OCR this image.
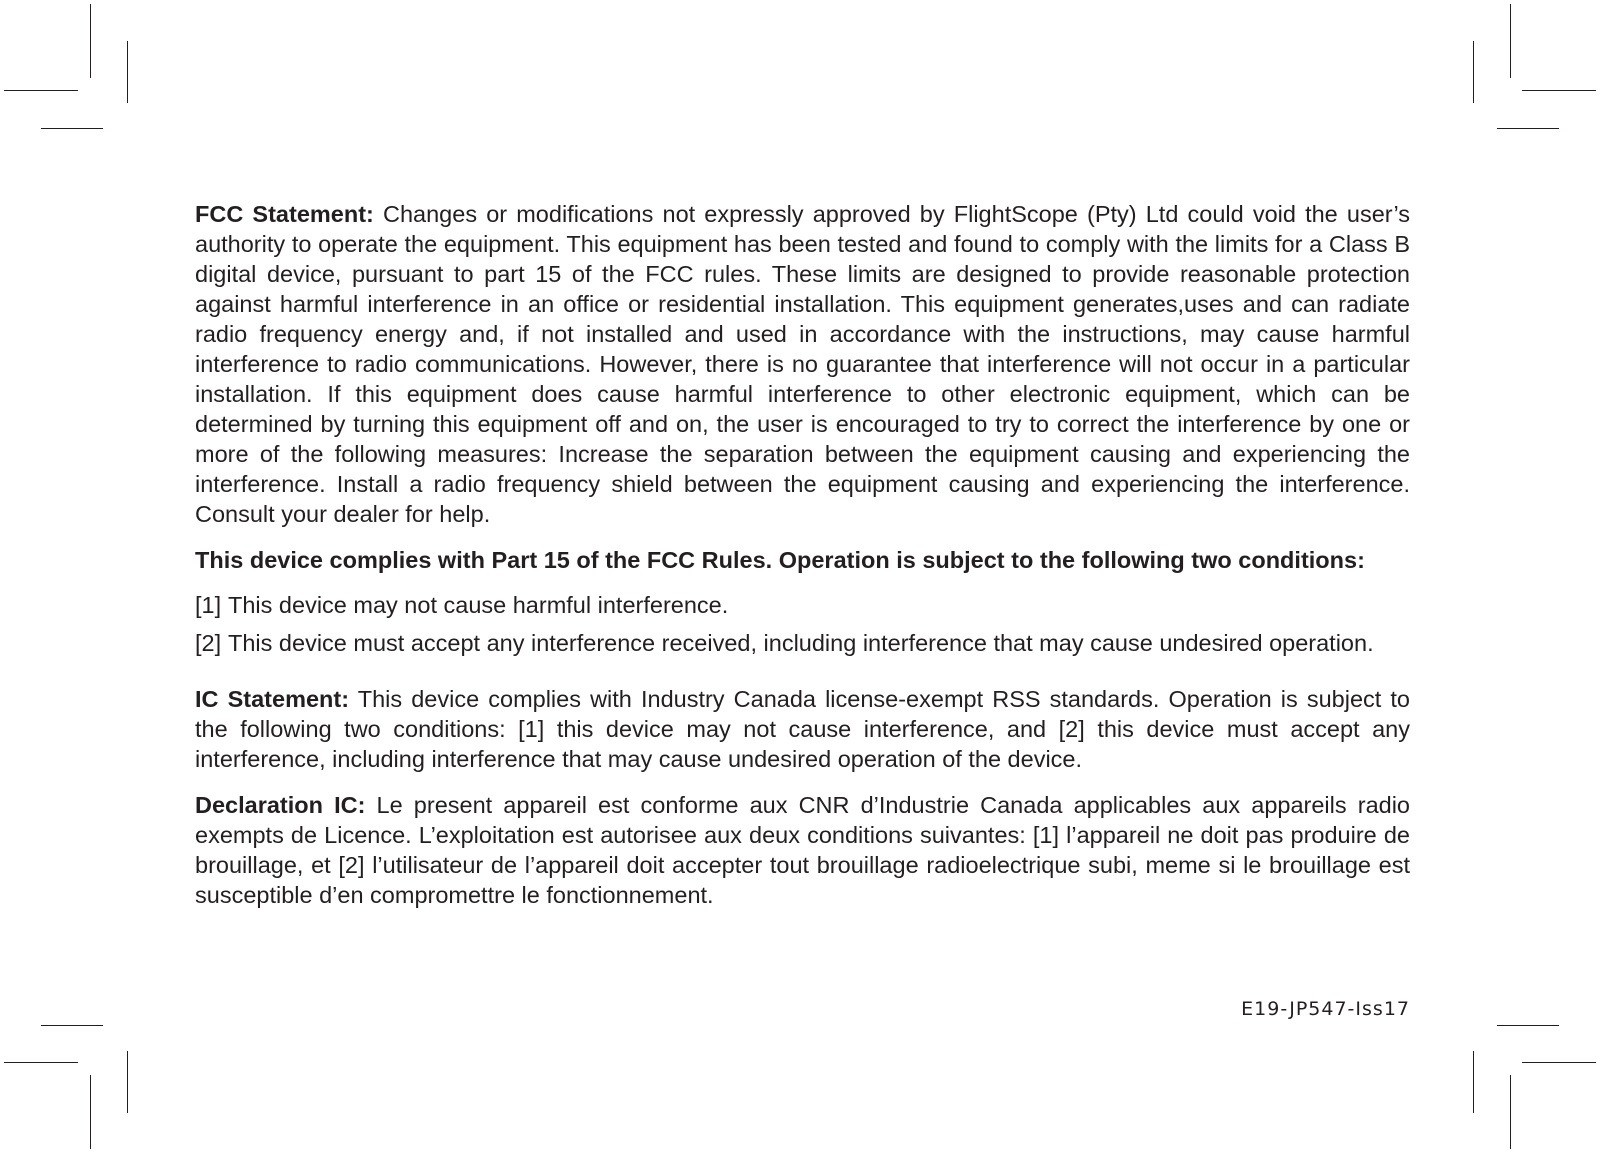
FCC Statement: Changes or modifications not expressly approved by FlightScope (Pty) Ltd could void the user’s authority to operate the equipment. This equipment has been tested and found to comply with the limits for a Class B digital device, pursuant to part 15 of the FCC rules. These limits are designed to provide reasonable protection against harmful interference in an office or residential installation. This equipment generates,uses and can radiate radio frequency energy and, if not installed and used in accordance with the instructions, may cause harmful interference to radio communications. However, there is no guarantee that interference will not occur in a particular installation. If this equipment does cause harmful interference to other electronic equipment, which can be determined by turning this equipment off and on, the user is encouraged to try to correct the interference by one or more of the following measures: Increase the separation between the equipment causing and experiencing the interference. Install a radio frequency shield between the equipment causing and experiencing the interference. Consult your dealer for help.

This device complies with Part 15 of the FCC Rules. Operation is subject to the following two conditions:

[1] This device may not cause harmful interference.

[2] This device must accept any interference received, including interference that may cause undesired operation.

IC Statement: This device complies with Industry Canada license-exempt RSS standards. Operation is subject to the following two conditions: [1] this device may not cause interference, and [2] this device must accept any interference, including interference that may cause undesired operation of the device.

Declaration IC: Le present appareil est conforme aux CNR d’Industrie Canada applicables aux appareils radio exempts de Licence. L’exploitation est autorisee aux deux conditions suivantes: [1] l’appareil ne doit pas produire de brouillage, et [2] l’utilisateur de l’appareil doit accepter tout brouillage radioelectrique subi, meme si le brouillage est susceptible d’en compromettre le fonctionnement.

E19-JP547-Iss17
